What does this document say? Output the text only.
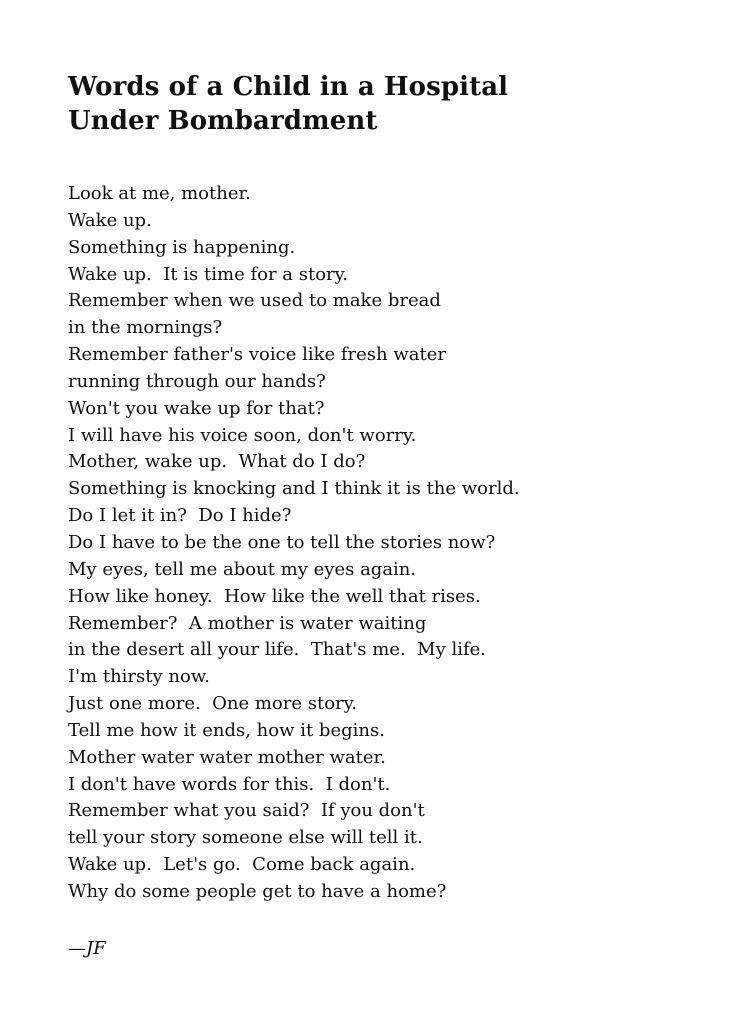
Words of a Child in a Hospital
Under Bombardment
Look at me, mother.
Wake up.
Something is happening.
Wake up.  It is time for a story.
Remember when we used to make bread
in the mornings?
Remember father's voice like fresh water
running through our hands?
Won't you wake up for that?
I will have his voice soon, don't worry.
Mother, wake up.  What do I do?
Something is knocking and I think it is the world.
Do I let it in?  Do I hide?
Do I have to be the one to tell the stories now?
My eyes, tell me about my eyes again.
How like honey.  How like the well that rises.
Remember?  A mother is water waiting
in the desert all your life.  That's me.  My life.
I'm thirsty now.
Just one more.  One more story.
Tell me how it ends, how it begins.
Mother water water mother water.
I don't have words for this.  I don't.
Remember what you said?  If you don't
tell your story someone else will tell it.
Wake up.  Let's go.  Come back again.
Why do some people get to have a home?
—JF
